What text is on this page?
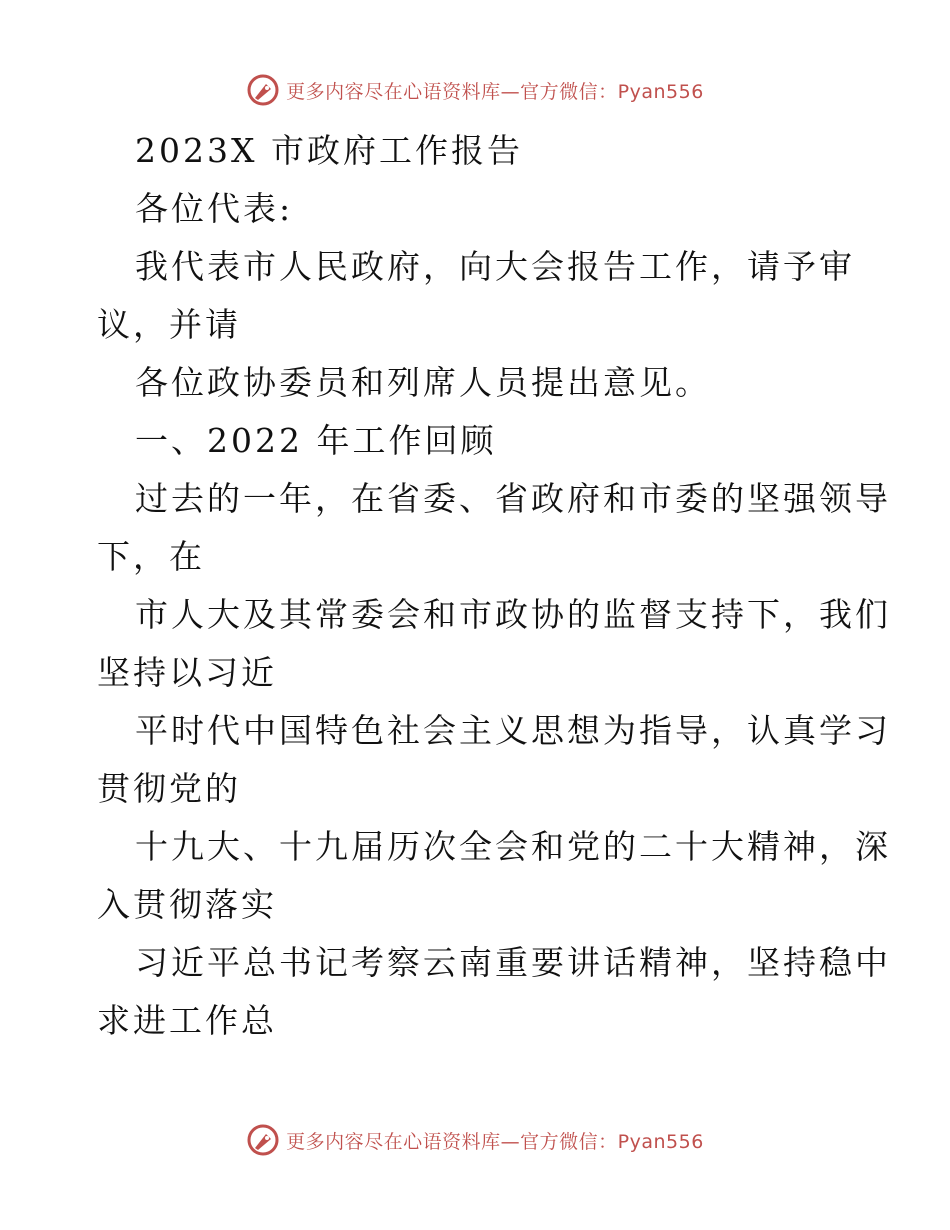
更多内容尽在心语资料库—官方微信：Pyan556
2023X 市政府工作报告
各位代表:
我代表市人民政府，向大会报告工作，请予审
议，并请
各位政协委员和列席人员提出意见。
一、2022 年工作回顾
过去的一年，在省委、省政府和市委的坚强领导
下，在
市人大及其常委会和市政协的监督支持下，我们
坚持以习近
平时代中国特色社会主义思想为指导，认真学习
贯彻党的
十九大、十九届历次全会和党的二十大精神，深
入贯彻落实
习近平总书记考察云南重要讲话精神，坚持稳中
求进工作总
更多内容尽在心语资料库—官方微信：Pyan556
